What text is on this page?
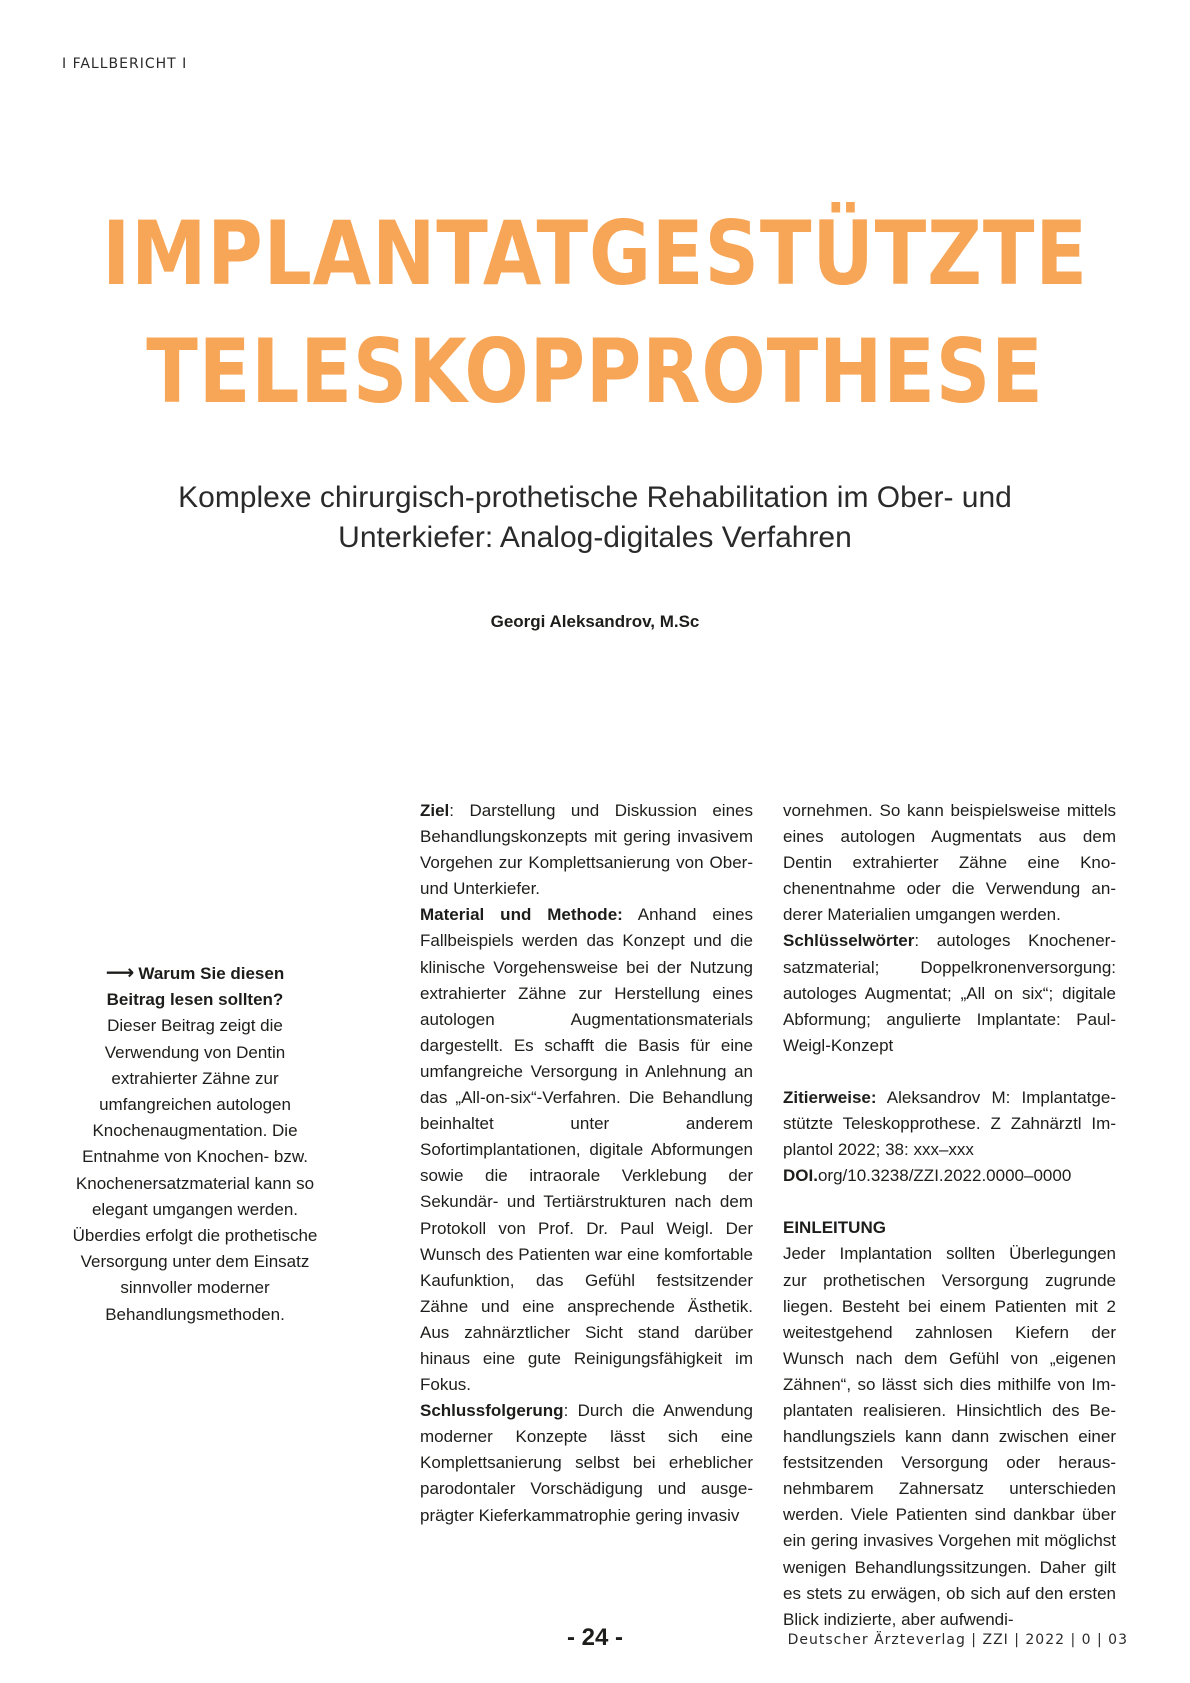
I FALLBERICHT I
IMPLANTATGESTÜTZTE
TELESKOPPROTHESE
Komplexe chirurgisch-prothetische Rehabilitation im Ober- und
Unterkiefer: Analog-digitales Verfahren
Georgi Aleksandrov, M.Sc
⟶ Warum Sie diesen
Beitrag lesen sollten?
Dieser Beitrag zeigt die
Verwendung von Dentin
extrahierter Zähne zur
umfangreichen autologen
Knochenaugmentation. Die
Entnahme von Knochen- bzw.
Knochenersatzmaterial kann so
elegant umgangen werden.
Überdies erfolgt die prothetische
Versorgung unter dem Einsatz
sinnvoller moderner
Behandlungsmethoden.

Ziel: Darstellung und Diskussion eines Behandlungskonzepts mit gering invasivem Vorgehen zur Komplettsanierung von Ober- und Unterkiefer.

Material und Methode: Anhand eines Fallbeispiels werden das Konzept und die klinische Vorgehensweise bei der Nutzung extrahierter Zähne zur Herstellung eines autologen Augmentationsmaterials dargestellt. Es schafft die Basis für eine umfangreiche Versorgung in Anlehnung an das „All-on-six“-Verfahren. Die Behandlung beinhaltet unter anderem Sofortimplantationen, digitale Abformungen sowie die intraorale Verklebung der Sekundär- und Tertiärstrukturen nach dem Protokoll von Prof. Dr. Paul Weigl. Der Wunsch des Patienten war eine komfortable Kaufunktion, das Gefühl festsitzender Zähne und eine ansprechende Ästhetik. Aus zahnärztlicher Sicht stand darüber hinaus eine gute Reinigungsfähigkeit im Fokus.

Schlussfolgerung: Durch die Anwendung moderner Konzepte lässt sich eine Komplettsanierung selbst bei erheblicher parodontaler Vorschädigung und ausgeprägter Kieferkammatrophie gering invasiv

vornehmen. So kann beispielsweise mittels eines autologen Augmentats aus dem Dentin extrahierter Zähne eine Knochenentnahme oder die Verwendung anderer Materialien umgangen werden.

Schlüsselwörter: autologes Knochenersatzmaterial; Doppelkronenversorgung: autologes Augmentat; „All on six“; digitale Abformung; angulierte Implantate: Paul-Weigl-Konzept

Zitierweise: Aleksandrov M: Implantatgestützte Teleskopprothese. Z Zahnärztl Implantol 2022; 38: xxx–xxx
DOI.org/10.3238/ZZI.2022.0000–0000

EINLEITUNG

Jeder Implantation sollten Überlegungen zur prothetischen Versorgung zugrunde liegen. Besteht bei einem Patienten mit 2 weitestgehend zahnlosen Kiefern der Wunsch nach dem Gefühl von „eigenen Zähnen“, so lässt sich dies mithilfe von Implantaten realisieren. Hinsichtlich des Behandlungsziels kann dann zwischen einer festsitzenden Versorgung oder herausnehmbarem Zahnersatz unterschieden werden. Viele Patienten sind dankbar über ein gering invasives Vorgehen mit möglichst wenigen Behandlungssitzungen. Daher gilt es stets zu erwägen, ob sich auf den ersten Blick indizierte, aber aufwendi-

- 24 -	Deutscher Ärzteverlag | ZZI | 2022 | 0 | 03
